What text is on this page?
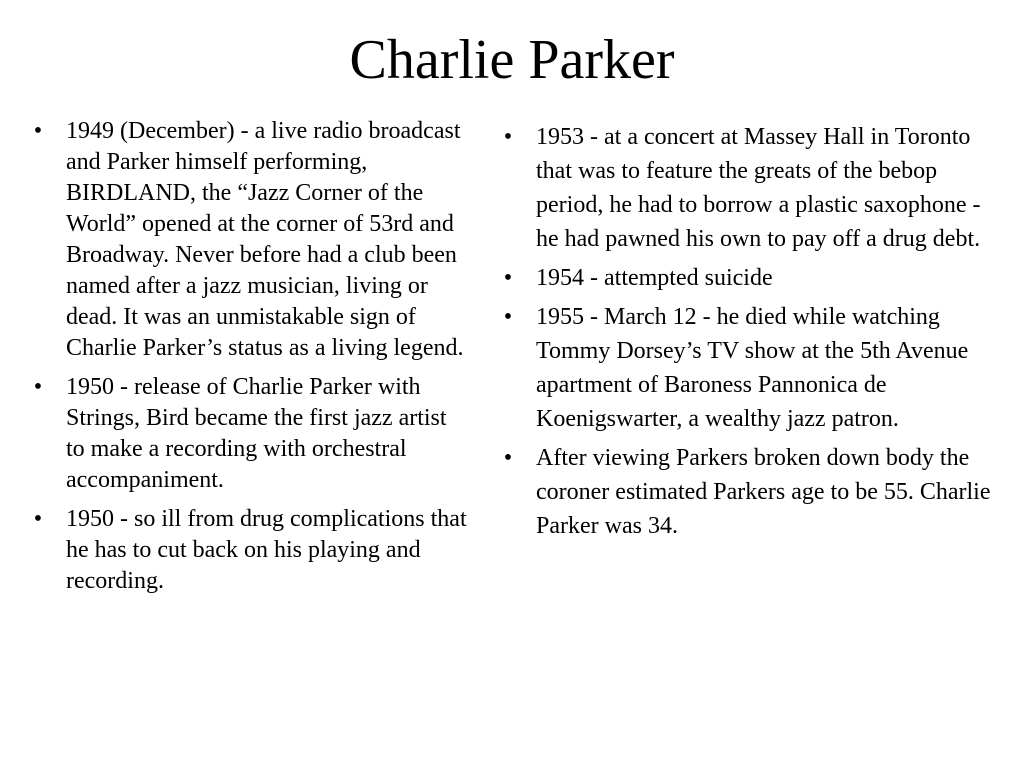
Charlie Parker
• 1949 (December) - a live radio broadcast and Parker himself performing, BIRDLAND, the “Jazz Corner of the World” opened at the corner of 53rd and Broadway. Never before had a club been named after a jazz musician, living or dead. It was an unmistakable sign of Charlie Parker’s status as a living legend.
• 1950 - release of Charlie Parker with Strings, Bird became the first jazz artist to make a recording with orchestral accompaniment.
• 1950 - so ill from drug complications that he has to cut back on his playing and recording.
• 1953 - at a concert at Massey Hall in Toronto that was to feature the greats of the bebop period, he had to borrow a plastic saxophone - he had pawned his own to pay off a drug debt.
• 1954 - attempted suicide
• 1955 - March 12 - he died while watching Tommy Dorsey’s TV show at the 5th Avenue apartment of Baroness Pannonica de Koenigswarter, a wealthy jazz patron.
• After viewing Parkers broken down body the coroner estimated Parkers age to be 55. Charlie Parker was 34.
